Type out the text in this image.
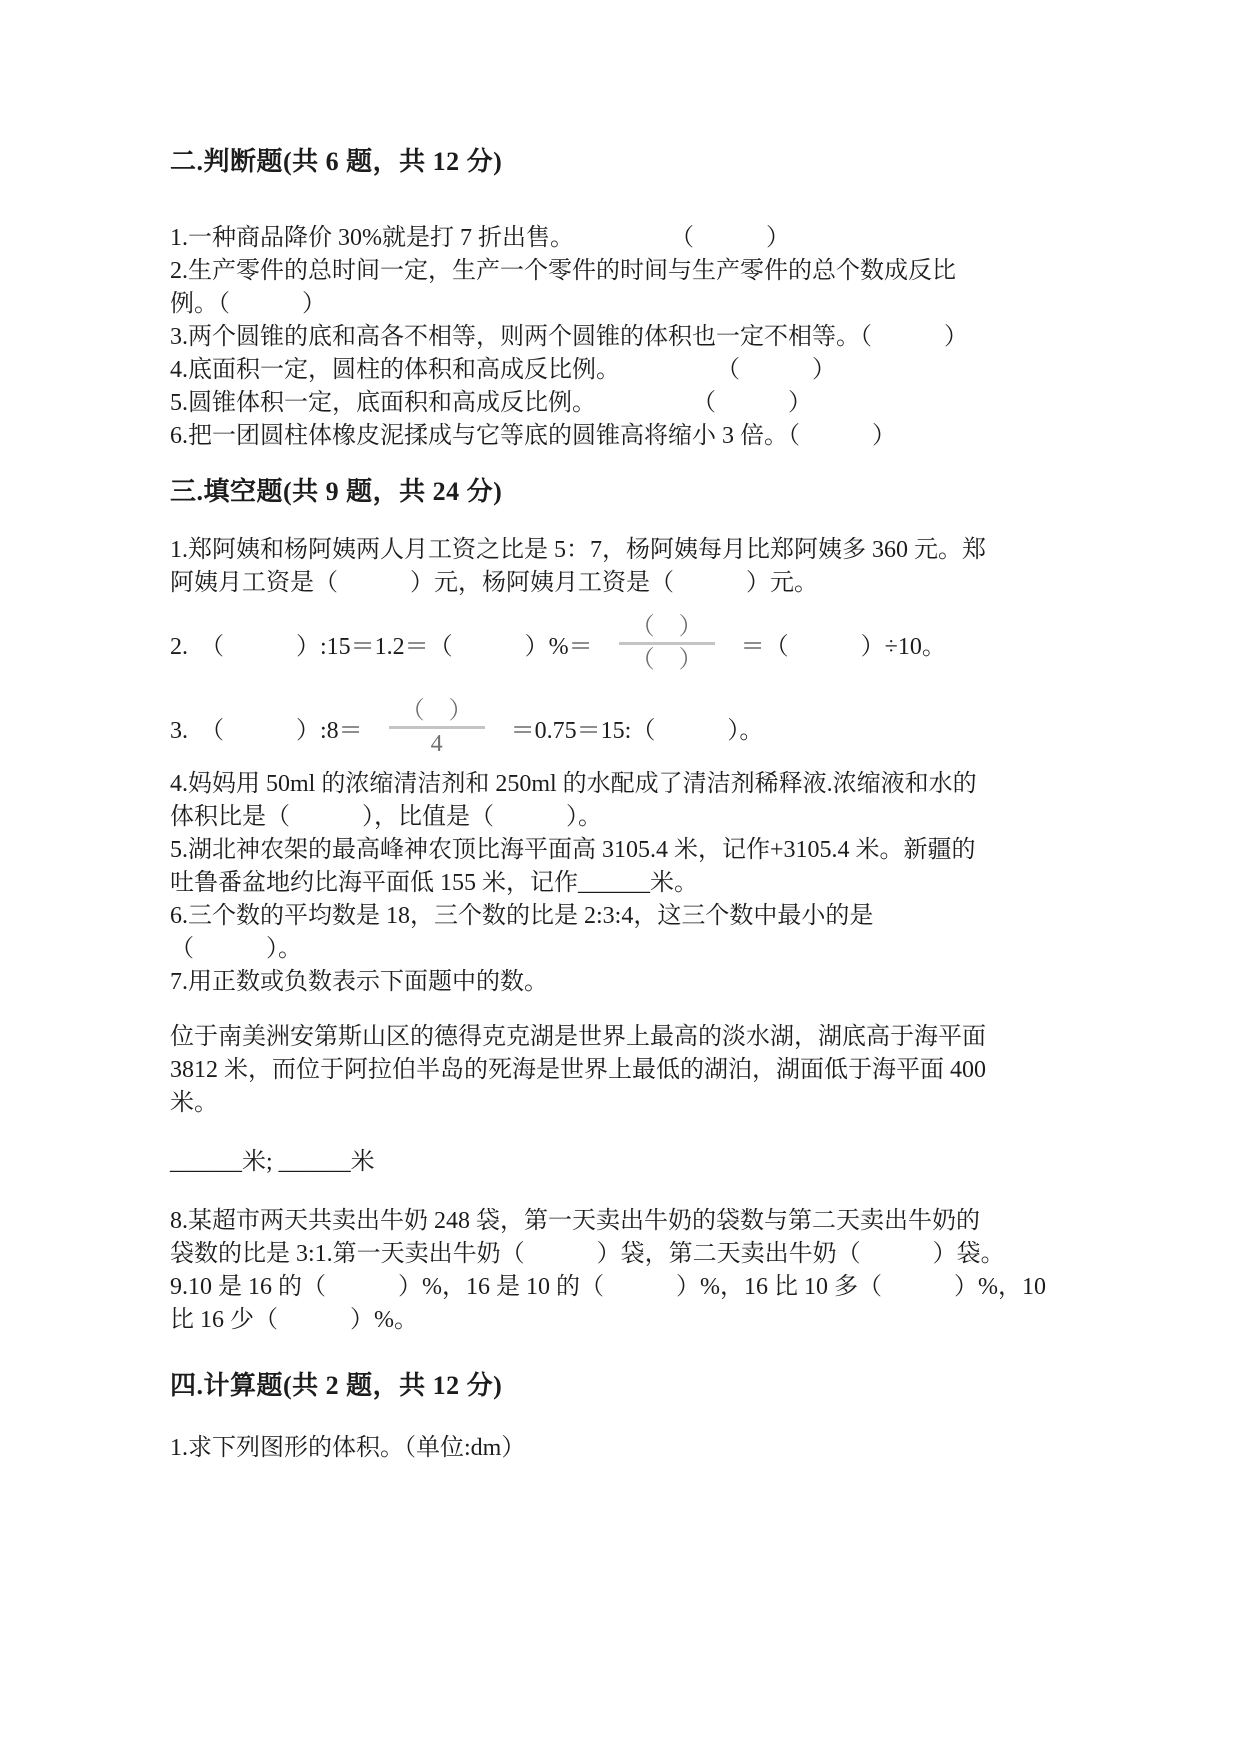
二.判断题(共 6 题，共 12 分)
1.一种商品降价 30%就是打 7 折出售。　　　　　（　　　）
2.生产零件的总时间一定，生产一个零件的时间与生产零件的总个数成反比
例。（　　　）
3.两个圆锥的底和高各不相等，则两个圆锥的体积也一定不相等。（　　　）
4.底面积一定，圆柱的体积和高成反比例。　　　　　（　　　）
5.圆锥体积一定，底面积和高成反比例。　　　　　（　　　）
6.把一团圆柱体橡皮泥揉成与它等底的圆锥高将缩小 3 倍。（　　　）
三.填空题(共 9 题，共 24 分)
1.郑阿姨和杨阿姨两人月工资之比是 5：7，杨阿姨每月比郑阿姨多 360 元。郑
阿姨月工资是（　　　）元，杨阿姨月工资是（　　　）元。
2.　（　　　）:15＝1.2＝（　　　）%＝ $\frac{( )}{( )}$ ＝（　　　）÷10。
3.　（　　　）:8＝ $\frac{( )}{4}$ ＝0.75＝15:（　　　）。
4.妈妈用 50ml 的浓缩清洁剂和 250ml 的水配成了清洁剂稀释液.浓缩液和水的
体积比是（　　　），比值是（　　　）。
5.湖北神农架的最高峰神农顶比海平面高 3105.4 米，记作+3105.4 米。新疆的
吐鲁番盆地约比海平面低 155 米，记作______米。
6.三个数的平均数是 18，三个数的比是 2:3:4，这三个数中最小的是
（　　　）。
7.用正数或负数表示下面题中的数。
位于南美洲安第斯山区的德得克克湖是世界上最高的淡水湖，湖底高于海平面
3812 米，而位于阿拉伯半岛的死海是世界上最低的湖泊，湖面低于海平面 400
米。
______米; ______米
8.某超市两天共卖出牛奶 248 袋，第一天卖出牛奶的袋数与第二天卖出牛奶的
袋数的比是 3:1.第一天卖出牛奶（　　　）袋，第二天卖出牛奶（　　　）袋。
9.10 是 16 的（　　　）%，16 是 10 的（　　　）%，16 比 10 多（　　　）%，10
比 16 少（　　　）%。
四.计算题(共 2 题，共 12 分)
1.求下列图形的体积。（单位:dm）
